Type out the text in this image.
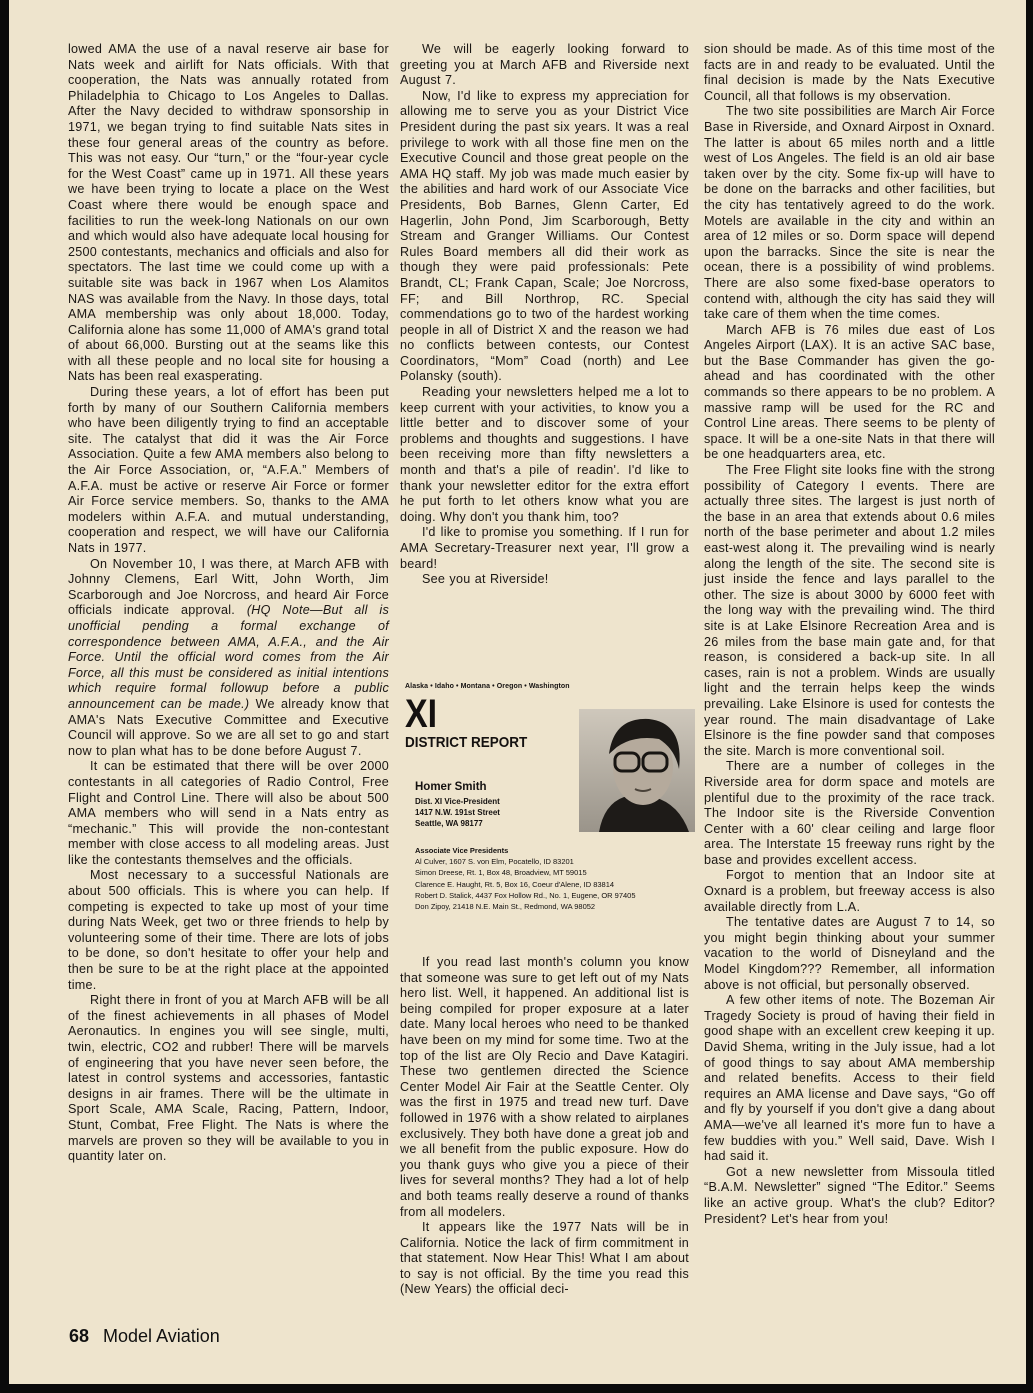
lowed AMA the use of a naval reserve air base for Nats week and airlift for Nats officials. With that cooperation, the Nats was annually rotated from Philadelphia to Chicago to Los Angeles to Dallas. After the Navy decided to withdraw sponsorship in 1971, we began trying to find suitable Nats sites in these four general areas of the country as before. This was not easy. Our “turn,” or the “four-year cycle for the West Coast” came up in 1971. All these years we have been trying to locate a place on the West Coast where there would be enough space and facilities to run the week-long Nationals on our own and which would also have adequate local housing for 2500 contestants, mechanics and officials and also for spectators. The last time we could come up with a suitable site was back in 1967 when Los Alamitos NAS was available from the Navy. In those days, total AMA membership was only about 18,000. Today, California alone has some 11,000 of AMA's grand total of about 66,000. Bursting out at the seams like this with all these people and no local site for housing a Nats has been real exasperating.

During these years, a lot of effort has been put forth by many of our Southern California members who have been diligently trying to find an acceptable site. The catalyst that did it was the Air Force Association. Quite a few AMA members also belong to the Air Force Association, or, “A.F.A.” Members of A.F.A. must be active or reserve Air Force or former Air Force service members. So, thanks to the AMA modelers within A.F.A. and mutual understanding, cooperation and respect, we will have our California Nats in 1977.

On November 10, I was there, at March AFB with Johnny Clemens, Earl Witt, John Worth, Jim Scarborough and Joe Norcross, and heard Air Force officials indicate approval. (HQ Note—But all is unofficial pending a formal exchange of correspondence between AMA, A.F.A., and the Air Force. Until the official word comes from the Air Force, all this must be considered as initial intentions which require formal followup before a public announcement can be made.) We already know that AMA's Nats Executive Committee and Executive Council will approve. So we are all set to go and start now to plan what has to be done before August 7.

It can be estimated that there will be over 2000 contestants in all categories of Radio Control, Free Flight and Control Line. There will also be about 500 AMA members who will send in a Nats entry as “mechanic.” This will provide the non-contestant member with close access to all modeling areas. Just like the contestants themselves and the officials.

Most necessary to a successful Nationals are about 500 officials. This is where you can help. If competing is expected to take up most of your time during Nats Week, get two or three friends to help by volunteering some of their time. There are lots of jobs to be done, so don't hesitate to offer your help and then be sure to be at the right place at the appointed time.

Right there in front of you at March AFB will be all of the finest achievements in all phases of Model Aeronautics. In engines you will see single, multi, twin, electric, CO2 and rubber! There will be marvels of engineering that you have never seen before, the latest in control systems and accessories, fantastic designs in air frames. There will be the ultimate in Sport Scale, AMA Scale, Racing, Pattern, Indoor, Stunt, Combat, Free Flight. The Nats is where the marvels are proven so they will be available to you in quantity later on.

We will be eagerly looking forward to greeting you at March AFB and Riverside next August 7.

Now, I'd like to express my appreciation for allowing me to serve you as your District Vice President during the past six years. It was a real privilege to work with all those fine men on the Executive Council and those great people on the AMA HQ staff. My job was made much easier by the abilities and hard work of our Associate Vice Presidents, Bob Barnes, Glenn Carter, Ed Hagerlin, John Pond, Jim Scarborough, Betty Stream and Granger Williams. Our Contest Rules Board members all did their work as though they were paid professionals: Pete Brandt, CL; Frank Capan, Scale; Joe Norcross, FF; and Bill Northrop, RC. Special commendations go to two of the hardest working people in all of District X and the reason we had no conflicts between contests, our Contest Coordinators, “Mom” Coad (north) and Lee Polansky (south).

Reading your newsletters helped me a lot to keep current with your activities, to know you a little better and to discover some of your problems and thoughts and suggestions. I have been receiving more than fifty newsletters a month and that's a pile of readin'. I'd like to thank your newsletter editor for the extra effort he put forth to let others know what you are doing. Why don't you thank him, too?

I'd like to promise you something. If I run for AMA Secretary-Treasurer next year, I'll grow a beard!

See you at Riverside!

Alaska • Idaho • Montana • Oregon • Washington
XI
DISTRICT REPORT
Homer Smith
Dist. XI Vice-President
1417 N.W. 191st Street
Seattle, WA 98177
Associate Vice Presidents
Al Culver, 1607 S. von Elm, Pocatello, ID 83201
Simon Dreese, Rt. 1, Box 48, Broadview, MT 59015
Clarence E. Haught, Rt. 5, Box 16, Coeur d'Alene, ID 83814
Robert D. Stalick, 4437 Fox Hollow Rd., No. 1, Eugene, OR 97405
Don Zipoy, 21418 N.E. Main St., Redmond, WA 98052

If you read last month's column you know that someone was sure to get left out of my Nats hero list. Well, it happened. An additional list is being compiled for proper exposure at a later date. Many local heroes who need to be thanked have been on my mind for some time. Two at the top of the list are Oly Recio and Dave Katagiri. These two gentlemen directed the Science Center Model Air Fair at the Seattle Center. Oly was the first in 1975 and tread new turf. Dave followed in 1976 with a show related to airplanes exclusively. They both have done a great job and we all benefit from the public exposure. How do you thank guys who give you a piece of their lives for several months? They had a lot of help and both teams really deserve a round of thanks from all modelers.

It appears like the 1977 Nats will be in California. Notice the lack of firm commitment in that statement. Now Hear This! What I am about to say is not official. By the time you read this (New Years) the official deci-

sion should be made. As of this time most of the facts are in and ready to be evaluated. Until the final decision is made by the Nats Executive Council, all that follows is my observation.

The two site possibilities are March Air Force Base in Riverside, and Oxnard Airpost in Oxnard. The latter is about 65 miles north and a little west of Los Angeles. The field is an old air base taken over by the city. Some fix-up will have to be done on the barracks and other facilities, but the city has tentatively agreed to do the work. Motels are available in the city and within an area of 12 miles or so. Dorm space will depend upon the barracks. Since the site is near the ocean, there is a possibility of wind problems. There are also some fixed-base operators to contend with, although the city has said they will take care of them when the time comes.

March AFB is 76 miles due east of Los Angeles Airport (LAX). It is an active SAC base, but the Base Commander has given the go-ahead and has coordinated with the other commands so there appears to be no problem. A massive ramp will be used for the RC and Control Line areas. There seems to be plenty of space. It will be a one-site Nats in that there will be one headquarters area, etc.

The Free Flight site looks fine with the strong possibility of Category I events. There are actually three sites. The largest is just north of the base in an area that extends about 0.6 miles north of the base perimeter and about 1.2 miles east-west along it. The prevailing wind is nearly along the length of the site. The second site is just inside the fence and lays parallel to the other. The size is about 3000 by 6000 feet with the long way with the prevailing wind. The third site is at Lake Elsinore Recreation Area and is 26 miles from the base main gate and, for that reason, is considered a back-up site. In all cases, rain is not a problem. Winds are usually light and the terrain helps keep the winds prevailing. Lake Elsinore is used for contests the year round. The main disadvantage of Lake Elsinore is the fine powder sand that composes the site. March is more conventional soil.

There are a number of colleges in the Riverside area for dorm space and motels are plentiful due to the proximity of the race track. The Indoor site is the Riverside Convention Center with a 60' clear ceiling and large floor area. The Interstate 15 freeway runs right by the base and provides excellent access.

Forgot to mention that an Indoor site at Oxnard is a problem, but freeway access is also available directly from L.A.

The tentative dates are August 7 to 14, so you might begin thinking about your summer vacation to the world of Disneyland and the Model Kingdom??? Remember, all information above is not official, but personally observed.

A few other items of note. The Bozeman Air Tragedy Society is proud of having their field in good shape with an excellent crew keeping it up. David Shema, writing in the July issue, had a lot of good things to say about AMA membership and related benefits. Access to their field requires an AMA license and Dave says, “Go off and fly by yourself if you don't give a dang about AMA—we've all learned it's more fun to have a few buddies with you.” Well said, Dave. Wish I had said it.

Got a new newsletter from Missoula titled “B.A.M. Newsletter” signed “The Editor.” Seems like an active group. What's the club? Editor? President? Let's hear from you!

68 Model Aviation
